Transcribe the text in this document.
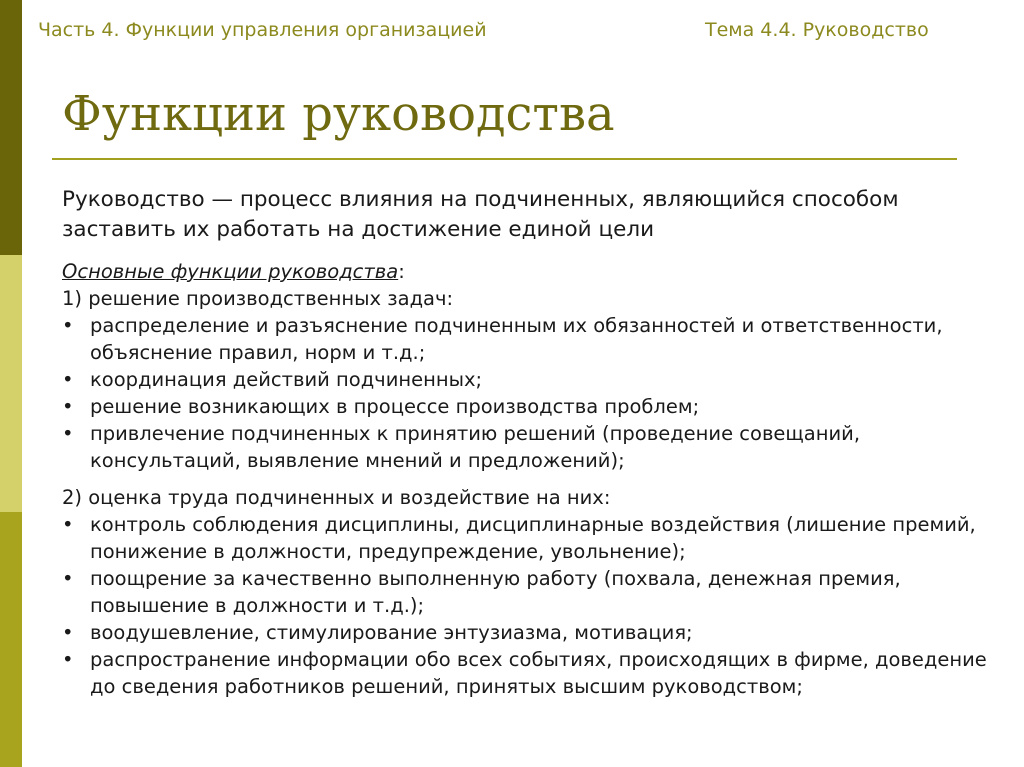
Часть 4. Функции управления организацией	Тема 4.4. Руководство
Функции руководства
Руководство — процесс влияния на подчиненных, являющийся способом заставить их работать на достижение единой цели

Основные функции руководства:

1) решение производственных задач:

• распределение и разъяснение подчиненным их обязанностей и ответственности, объяснение правил, норм и т.д.;
• координация действий подчиненных;
• решение возникающих в процессе производства проблем;
• привлечение подчиненных к принятию решений (проведение совещаний, консультаций, выявление мнений и предложений);

2) оценка труда подчиненных и воздействие на них:

• контроль соблюдения дисциплины, дисциплинарные воздействия (лишение премий, понижение в должности, предупреждение, увольнение);
• поощрение за качественно выполненную работу (похвала, денежная премия, повышение в должности и т.д.);
• воодушевление, стимулирование энтузиазма, мотивация;
• распространение информации обо всех событиях, происходящих в фирме, доведение до сведения работников решений, принятых высшим руководством;
